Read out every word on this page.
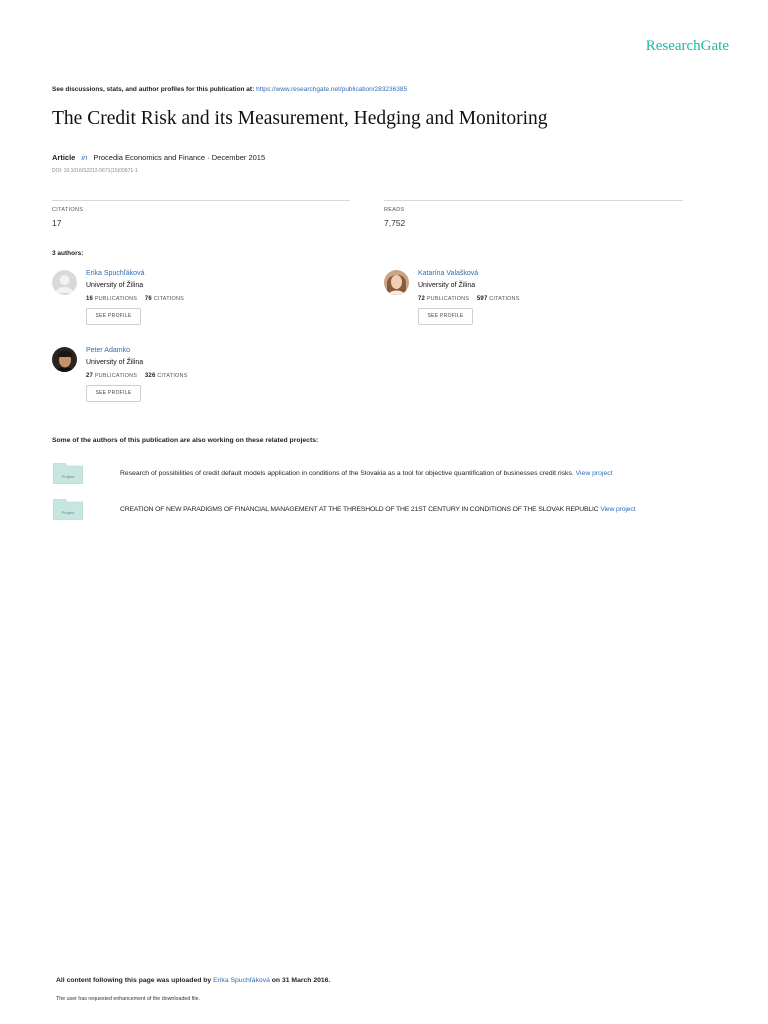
ResearchGate
See discussions, stats, and author profiles for this publication at: https://www.researchgate.net/publication/283236385
The Credit Risk and its Measurement, Hedging and Monitoring
Article in Procedia Economics and Finance · December 2015
DOI: 10.1016/S2212-5671(15)00671-1
CITATIONS
17
READS
7,752
3 authors:
Erika Spuchľáková
University of Žilina
16 PUBLICATIONS 76 CITATIONS
SEE PROFILE
Katarína Valašková
University of Žilina
72 PUBLICATIONS 597 CITATIONS
SEE PROFILE
Peter Adamko
University of Žilina
27 PUBLICATIONS 326 CITATIONS
SEE PROFILE
Some of the authors of this publication are also working on these related projects:
Project	Research of possibilities of credit default models application in conditions of the Slovakia as a tool for objective quantification of businesses credit risks. View project
Project	CREATION OF NEW PARADIGMS OF FINANCIAL MANAGEMENT AT THE THRESHOLD OF THE 21ST CENTURY IN CONDITIONS OF THE SLOVAK REPUBLIC View project
All content following this page was uploaded by Erika Spuchľáková on 31 March 2016.
The user has requested enhancement of the downloaded file.
